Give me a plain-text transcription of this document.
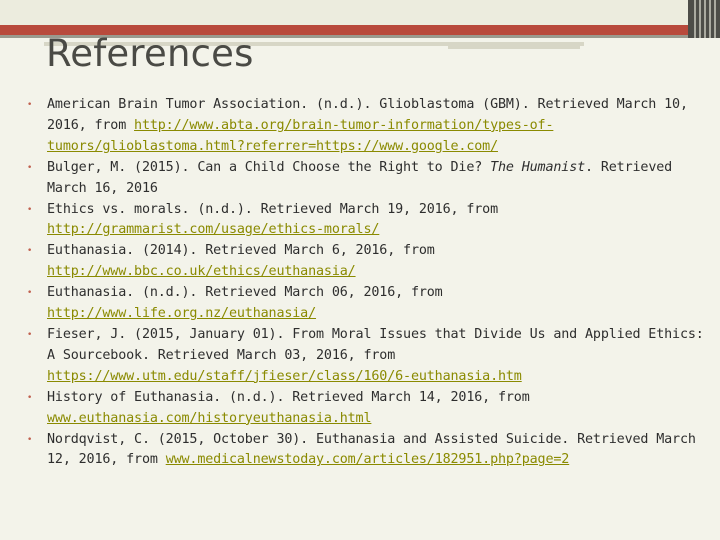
References
• American Brain Tumor Association. (n.d.). Glioblastoma (GBM). Retrieved March 10, 2016, from http://www.abta.org/brain-tumor-information/types-of-tumors/glioblastoma.html?referrer=https://www.google.com/
• Bulger, M. (2015). Can a Child Choose the Right to Die? The Humanist. Retrieved March 16, 2016
• Ethics vs. morals. (n.d.). Retrieved March 19, 2016, from http://grammarist.com/usage/ethics-morals/
• Euthanasia. (2014). Retrieved March 6, 2016, from http://www.bbc.co.uk/ethics/euthanasia/
• Euthanasia. (n.d.). Retrieved March 06, 2016, from http://www.life.org.nz/euthanasia/
• Fieser, J. (2015, January 01). From Moral Issues that Divide Us and Applied Ethics: A Sourcebook. Retrieved March 03, 2016, from https://www.utm.edu/staff/jfieser/class/160/6-euthanasia.htm
• History of Euthanasia. (n.d.). Retrieved March 14, 2016, from www.euthanasia.com/historyeuthanasia.html
• Nordqvist, C. (2015, October 30). Euthanasia and Assisted Suicide. Retrieved March 12, 2016, from www.medicalnewstoday.com/articles/182951.php?page=2
